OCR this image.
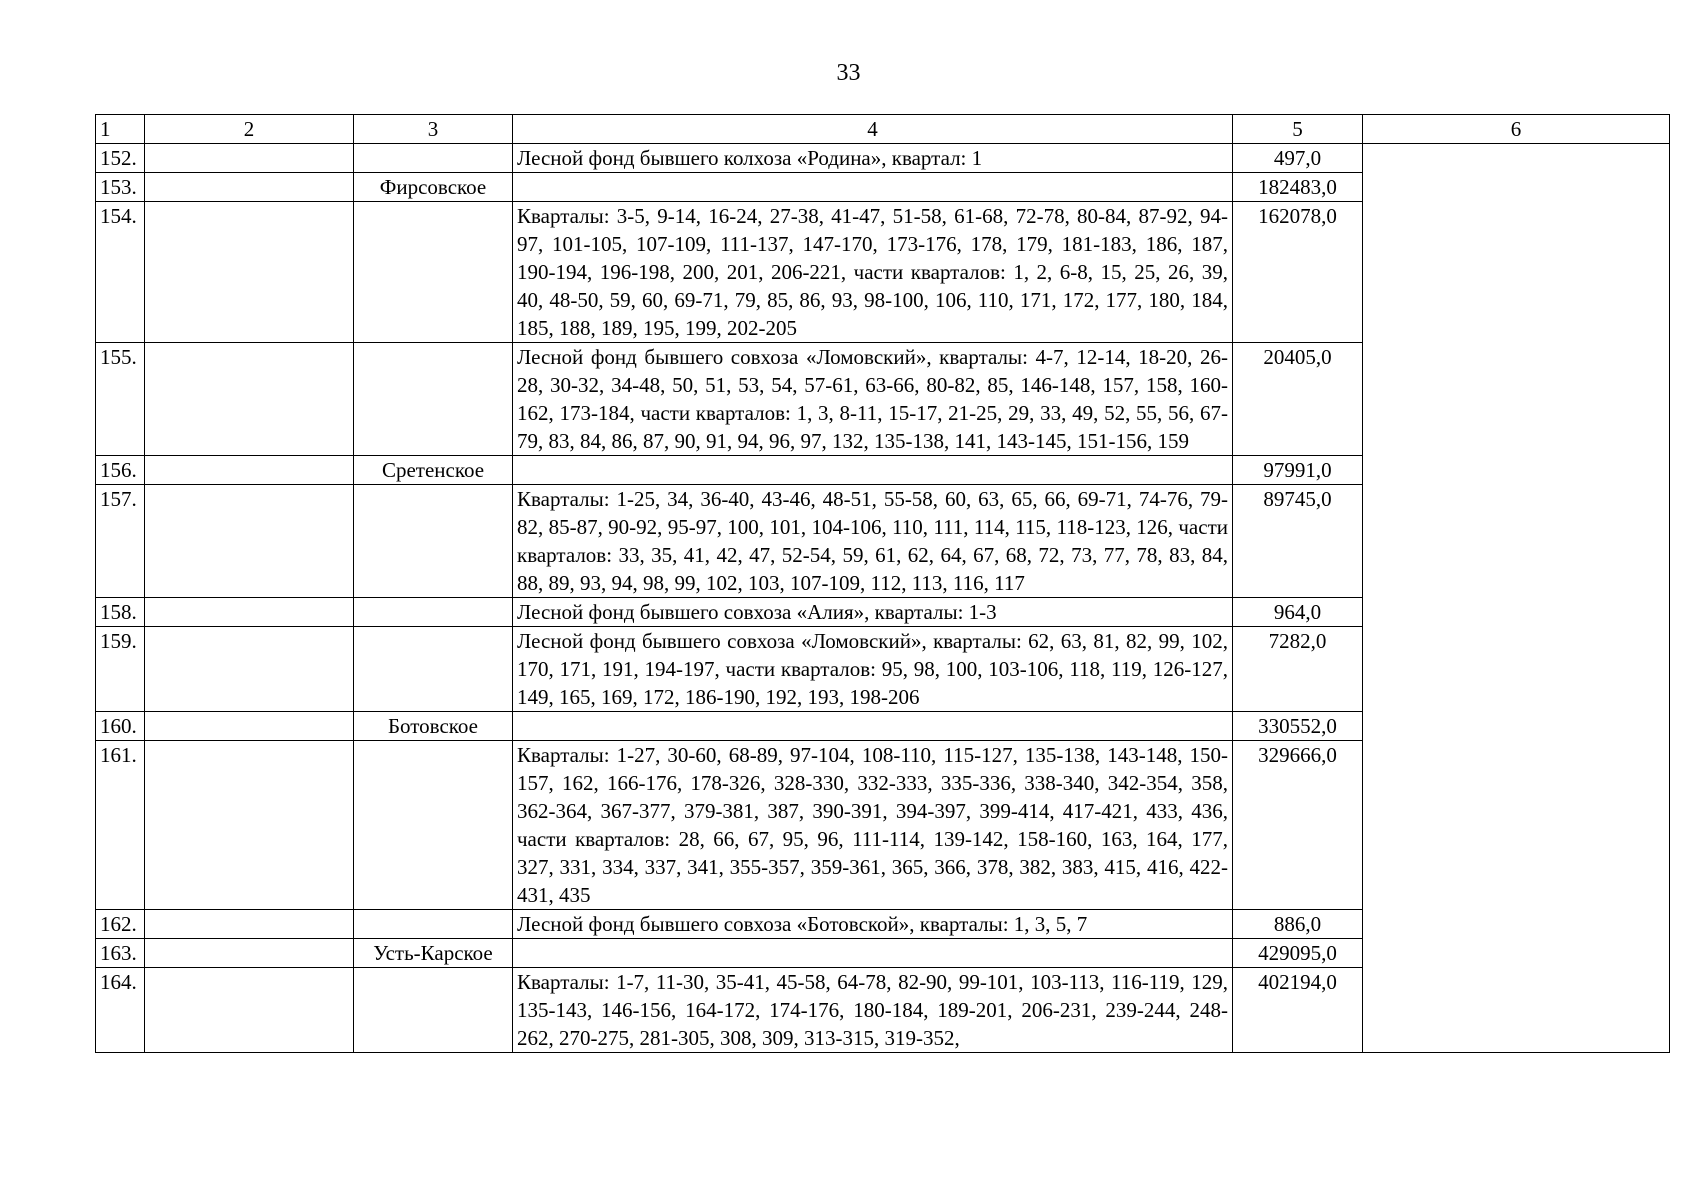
33
1	2	3	4	5	6
152.			Лесной фонд бывшего колхоза «Родина», квартал: 1	497,0	
153.		Фирсовское		182483,0	
154.			Кварталы: 3-5, 9-14, 16-24, 27-38, 41-47, 51-58, 61-68, 72-78, 80-84, 87-92, 94-97, 101-105, 107-109, 111-137, 147-170, 173-176, 178, 179, 181-183, 186, 187, 190-194, 196-198, 200, 201, 206-221, части кварталов: 1, 2, 6-8, 15, 25, 26, 39, 40, 48-50, 59, 60, 69-71, 79, 85, 86, 93, 98-100, 106, 110, 171, 172, 177, 180, 184, 185, 188, 189, 195, 199, 202-205	162078,0	
155.			Лесной фонд бывшего совхоза «Ломовский», кварталы: 4-7, 12-14, 18-20, 26-28, 30-32, 34-48, 50, 51, 53, 54, 57-61, 63-66, 80-82, 85, 146-148, 157, 158, 160-162, 173-184, части кварталов: 1, 3, 8-11, 15-17, 21-25, 29, 33, 49, 52, 55, 56, 67-79, 83, 84, 86, 87, 90, 91, 94, 96, 97, 132, 135-138, 141, 143-145, 151-156, 159	20405,0	
156.		Сретенское		97991,0	
157.			Кварталы: 1-25, 34, 36-40, 43-46, 48-51, 55-58, 60, 63, 65, 66, 69-71, 74-76, 79-82, 85-87, 90-92, 95-97, 100, 101, 104-106, 110, 111, 114, 115, 118-123, 126, части кварталов: 33, 35, 41, 42, 47, 52-54, 59, 61, 62, 64, 67, 68, 72, 73, 77, 78, 83, 84, 88, 89, 93, 94, 98, 99, 102, 103, 107-109, 112, 113, 116, 117	89745,0	
158.			Лесной фонд бывшего совхоза «Алия», кварталы: 1-3	964,0	
159.			Лесной фонд бывшего совхоза «Ломовский», кварталы: 62, 63, 81, 82, 99, 102, 170, 171, 191, 194-197, части кварталов: 95, 98, 100, 103-106, 118, 119, 126-127, 149, 165, 169, 172, 186-190, 192, 193, 198-206	7282,0	
160.		Ботовское		330552,0	
161.			Кварталы: 1-27, 30-60, 68-89, 97-104, 108-110, 115-127, 135-138, 143-148, 150-157, 162, 166-176, 178-326, 328-330, 332-333, 335-336, 338-340, 342-354, 358, 362-364, 367-377, 379-381, 387, 390-391, 394-397, 399-414, 417-421, 433, 436, части кварталов: 28, 66, 67, 95, 96, 111-114, 139-142, 158-160, 163, 164, 177, 327, 331, 334, 337, 341, 355-357, 359-361, 365, 366, 378, 382, 383, 415, 416, 422-431, 435	329666,0	
162.			Лесной фонд бывшего совхоза «Ботовской», кварталы: 1, 3, 5, 7	886,0	
163.		Усть-Карское		429095,0	
164.			Кварталы: 1-7, 11-30, 35-41, 45-58, 64-78, 82-90, 99-101, 103-113, 116-119, 129, 135-143, 146-156, 164-172, 174-176, 180-184, 189-201, 206-231, 239-244, 248-262, 270-275, 281-305, 308, 309, 313-315, 319-352,	402194,0	
